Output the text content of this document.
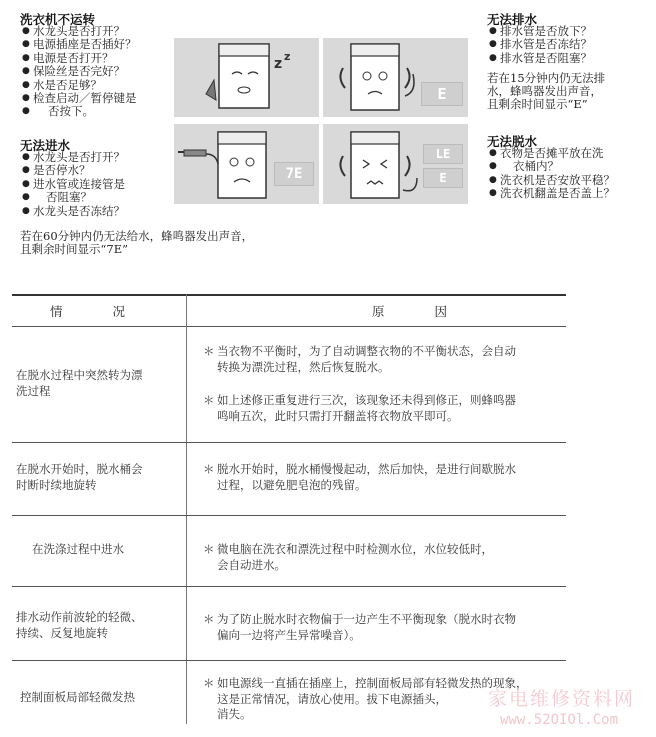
洗衣机不运转
● 水龙头是否打开？
● 电源插座是否插好？
● 电源是否打开？
● 保险丝是否完好？
● 水是否足够？
● 检查启动／暂停键是
● 否按下。
无法进水
● 水龙头是否打开？
● 是否停水？
● 进水管或连接管是
● 否阻塞？
● 水龙头是否冻结？
若在60分钟内仍无法给水，蜂鸣器发出声音，
且剩余时间显示“7E”
无法排水
● 排水管是否放下？
● 排水管是否冻结？
● 排水管是否阻塞？
若在15分钟内仍无法排
水，蜂鸣器发出声音，
且剩余时间显示“E”
无法脱水
● 衣物是否摊平放在洗
● 衣桶内？
● 洗衣机是否安放平稳？
● 洗衣机翻盖是否盖上？
z z
E
7E
LE
E
情　　　　况	原　　　　因
在脱水过程中突然转为漂
洗过程
＊ 当衣物不平衡时，为了自动调整衣物的不平衡状态，会自动
转换为漂洗过程，然后恢复脱水。
＊ 如上述修正重复进行三次，该现象还未得到修正，则蜂鸣器
鸣响五次，此时只需打开翻盖将衣物放平即可。
在脱水开始时，脱水桶会
时断时续地旋转
＊ 脱水开始时，脱水桶慢慢起动，然后加快，是进行间歇脱水
过程，以避免肥皂泡的残留。
在洗涤过程中进水	＊ 微电脑在洗衣和漂洗过程中时检测水位，水位较低时，
会自动进水。
排水动作前波轮的轻微、
持续、反复地旋转
＊ 为了防止脱水时衣物偏于一边产生不平衡现象（脱水时衣物
偏向一边将产生异常噪音）。
控制面板局部轻微发热
＊ 如电源线一直插在插座上，控制面板局部有轻微发热的现象，
这是正常情况，请放心使用。拔下电源插头，
消失。
家电维修资料网
www.52OIOl.Com
